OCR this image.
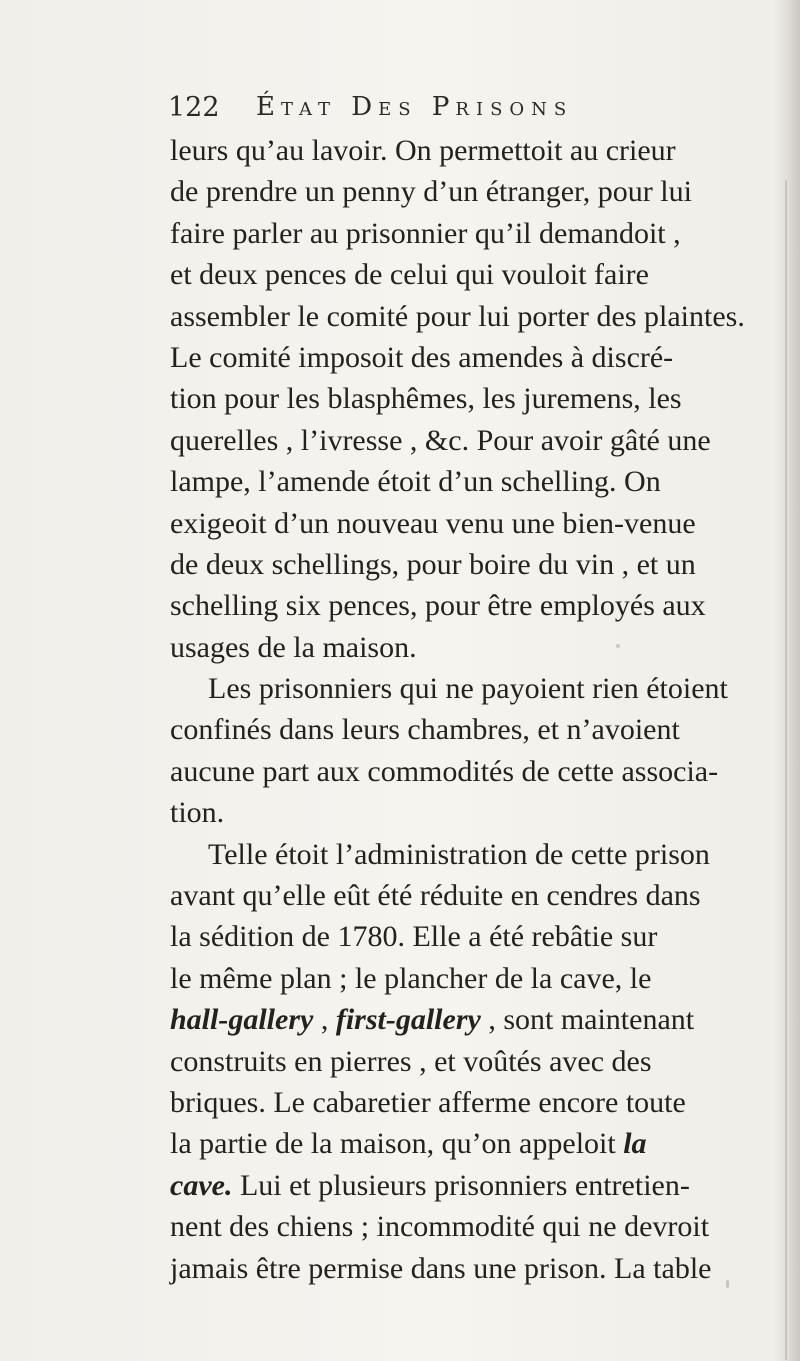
122 ÉTAT DES PRISONS
leurs qu’au lavoir. On permettoit au crieur
de prendre un penny d’un étranger, pour lui
faire parler au prisonnier qu’il demandoit ,
et deux pences de celui qui vouloit faire
assembler le comité pour lui porter des plaintes.
Le comité imposoit des amendes à discré-
tion pour les blasphêmes, les juremens, les
querelles , l’ivresse , &c. Pour avoir gâté une
lampe, l’amende étoit d’un schelling. On
exigeoit d’un nouveau venu une bien-venue
de deux schellings, pour boire du vin , et un
schelling six pences, pour être employés aux
usages de la maison.
Les prisonniers qui ne payoient rien étoient
confinés dans leurs chambres, et n’avoient
aucune part aux commodités de cette associa-
tion.
Telle étoit l’administration de cette prison
avant qu’elle eût été réduite en cendres dans
la sédition de 1780. Elle a été rebâtie sur
le même plan ; le plancher de la cave, le
hall-gallery , first-gallery , sont maintenant
construits en pierres , et voûtés avec des
briques. Le cabaretier afferme encore toute
la partie de la maison, qu’on appeloit la
cave. Lui et plusieurs prisonniers entretien-
nent des chiens ; incommodité qui ne devroit
jamais être permise dans une prison. La table
